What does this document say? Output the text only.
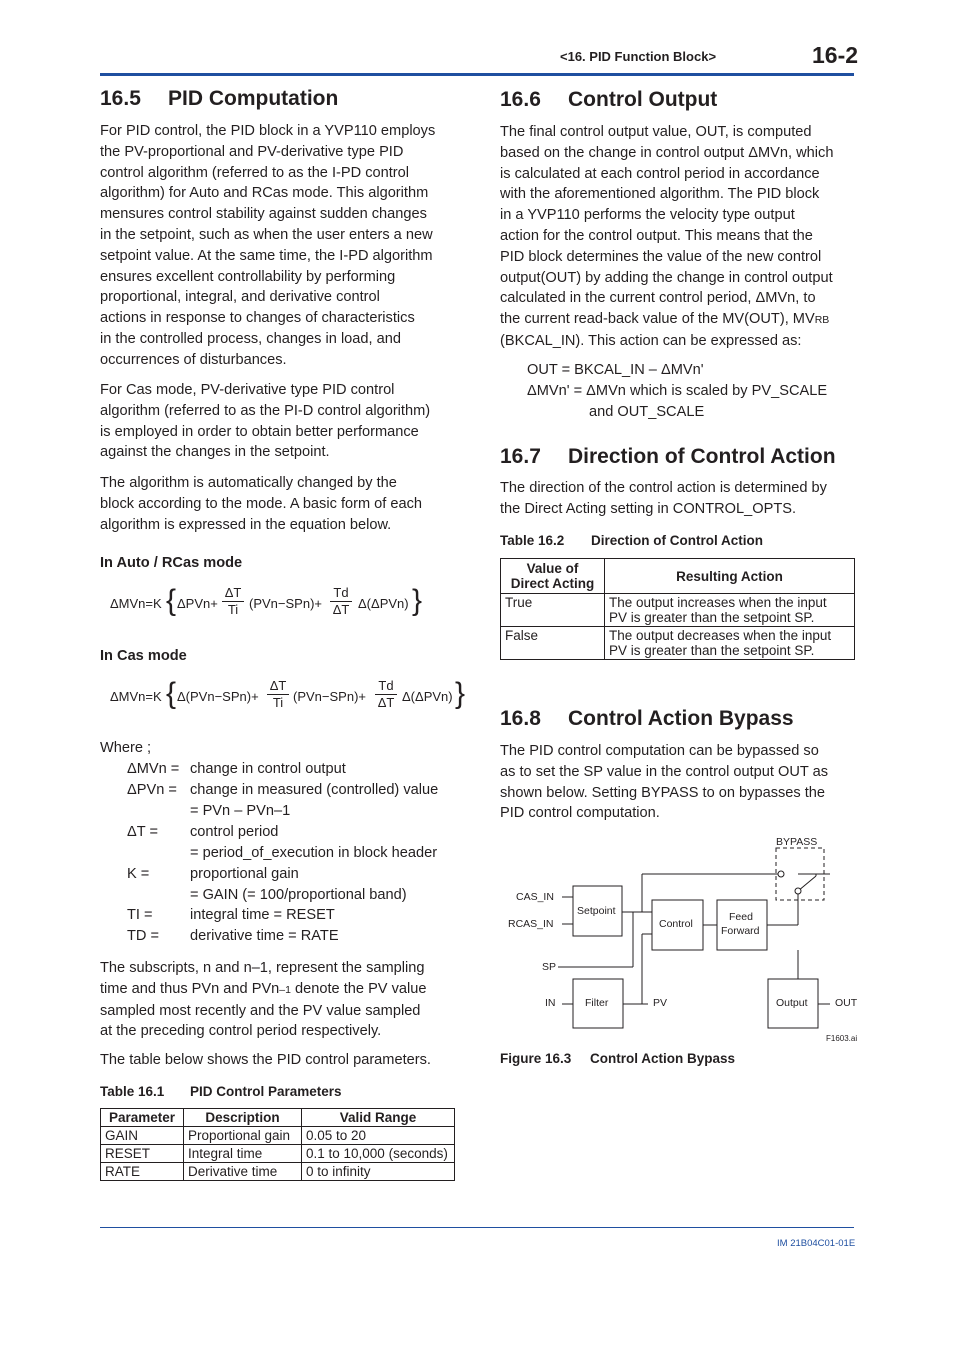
<16. PID Function Block>	16-2
16.5 PID Computation
For PID control, the PID block in a YVP110 employs
the PV-proportional and PV-derivative type PID
control algorithm (referred to as the I-PD control
algorithm) for Auto and RCas mode. This algorithm
mensures control stability against sudden changes
in the setpoint, such as when the user enters a new
setpoint value. At the same time, the I-PD algorithm
ensures excellent controllability by performing
proportional, integral, and derivative control
actions in response to changes of characteristics
in the controlled process, changes in load, and
occurrences of disturbances.
For Cas mode, PV-derivative type PID control
algorithm (referred to as the PI-D control algorithm)
is employed in order to obtain better performance
against the changes in the setpoint.
The algorithm is automatically changed by the
block according to the mode. A basic form of each
algorithm is expressed in the equation below.
In Auto / RCas mode
ΔMVn=K { ΔPVn+
ΔT
Ti (PVn−SPn)+
Td
ΔT Δ(ΔPVn) }
In Cas mode
ΔMVn=K { Δ(PVn−SPn)+
ΔT
Ti (PVn−SPn)+
Td
ΔT Δ(ΔPVn) }
Where ;
ΔMVn = change in control output
ΔPVn = change in measured (controlled) value
= PVn – PVn–1
ΔT = control period
= period_of_execution in block header
K =	proportional gain
= GAIN (= 100/proportional band)
TI =	integral time = RESET
TD = derivative time = RATE
The subscripts, n and n–1, represent the sampling
time and thus PVn and PVn–1 denote the PV value
sampled most recently and the PV value sampled
at the preceding control period respectively.
The table below shows the PID control parameters.
Table 16.1 PID Control Parameters
Parameter	Description	Valid Range
GAIN	Proportional gain	0.05 to 20
RESET	Integral time	0.1 to 10,000 (seconds)
RATE	Derivative time	0 to infinity
16.6 Control Output
The final control output value, OUT, is computed
based on the change in control output ΔMVn, which
is calculated at each control period in accordance
with the aforementioned algorithm. The PID block
in a YVP110 performs the velocity type output
action for the control output. This means that the
PID block determines the value of the new control
output(OUT) by adding the change in control output
calculated in the current control period, ΔMVn, to
the current read-back value of the MV(OUT), MVRB
(BKCAL_IN). This action can be expressed as:
OUT = BKCAL_IN – ΔMVn'
ΔMVn' = ΔMVn which is scaled by PV_SCALE
and OUT_SCALE
16.7 Direction of Control Action
The direction of the control action is determined by
the Direct Acting setting in CONTROL_OPTS.
Table 16.2 Direction of Control Action
Value of
Direct Acting	Resulting Action
True	The output increases when the input
PV is greater than the setpoint SP.

False	The output decreases when the input
PV is greater than the setpoint SP.
16.8 Control Action Bypass
The PID control computation can be bypassed so
as to set the SP value in the control output OUT as
shown below. Setting BYPASS to on bypasses the
PID control computation.
BYPASS
CAS_IN
RCAS_IN
SP
IN
Setpoint
Control
Feed
Forward
Filter	PV	Output	OUT
F1603.ai
Figure 16.3 Control Action Bypass
IM 21B04C01-01E
